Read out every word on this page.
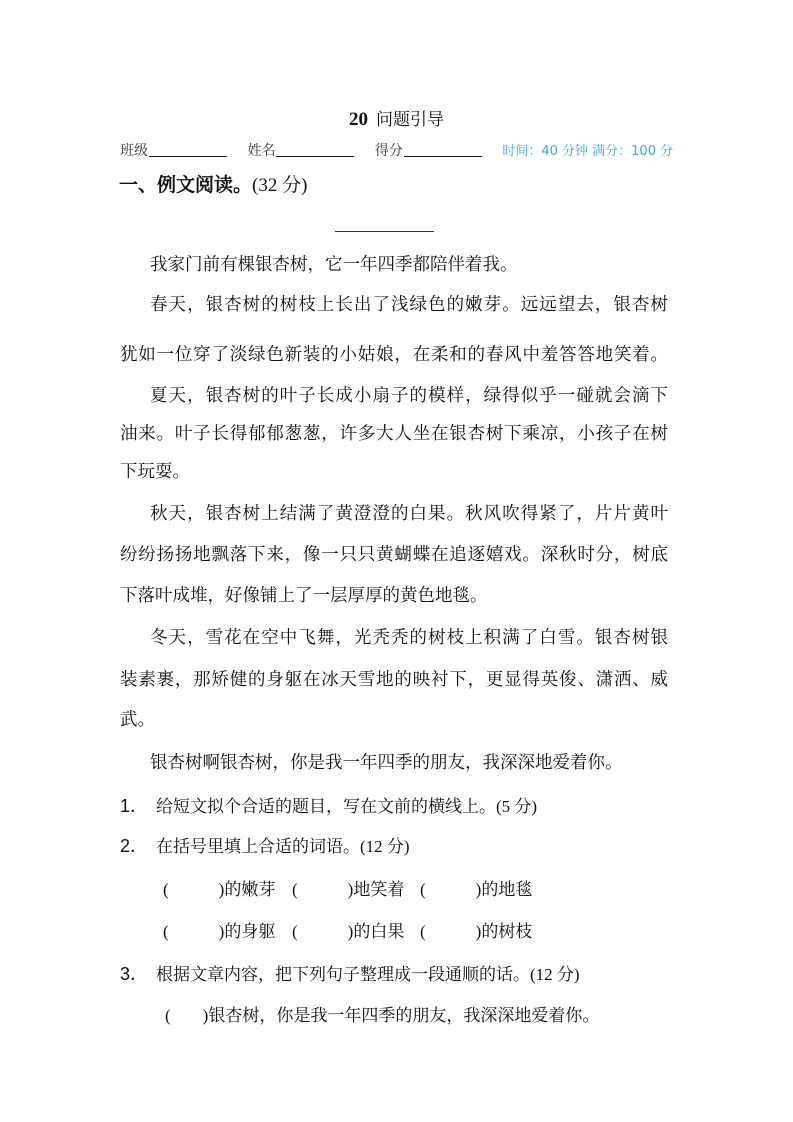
20 问题引导
班级	姓名	得分	时间：40 分钟 满分：100 分
一、例文阅读。(32 分)
我家门前有棵银杏树，它一年四季都陪伴着我。
春天，银杏树的树枝上长出了浅绿色的嫩芽。远远望去，银杏树
犹如一位穿了淡绿色新装的小姑娘，在柔和的春风中羞答答地笑着。
夏天，银杏树的叶子长成小扇子的模样，绿得似乎一碰就会滴下
油来。叶子长得郁郁葱葱，许多大人坐在银杏树下乘凉，小孩子在树
下玩耍。
秋天，银杏树上结满了黄澄澄的白果。秋风吹得紧了，片片黄叶
纷纷扬扬地飘落下来，像一只只黄蝴蝶在追逐嬉戏。深秋时分，树底
下落叶成堆，好像铺上了一层厚厚的黄色地毯。
冬天，雪花在空中飞舞，光秃秃的树枝上积满了白雪。银杏树银
装素裹，那矫健的身躯在冰天雪地的映衬下，更显得英俊、潇洒、威
武。
银杏树啊银杏树，你是我一年四季的朋友，我深深地爱着你。
1． 给短文拟个合适的题目，写在文前的横线上。(5 分)
2． 在括号里填上合适的词语。(12 分)
(	)的嫩芽 (	)地笑着 (	)的地毯
(	)的身躯 (	)的白果 (	)的树枝
3． 根据文章内容，把下列句子整理成一段通顺的话。(12 分)
( )银杏树，你是我一年四季的朋友，我深深地爱着你。
